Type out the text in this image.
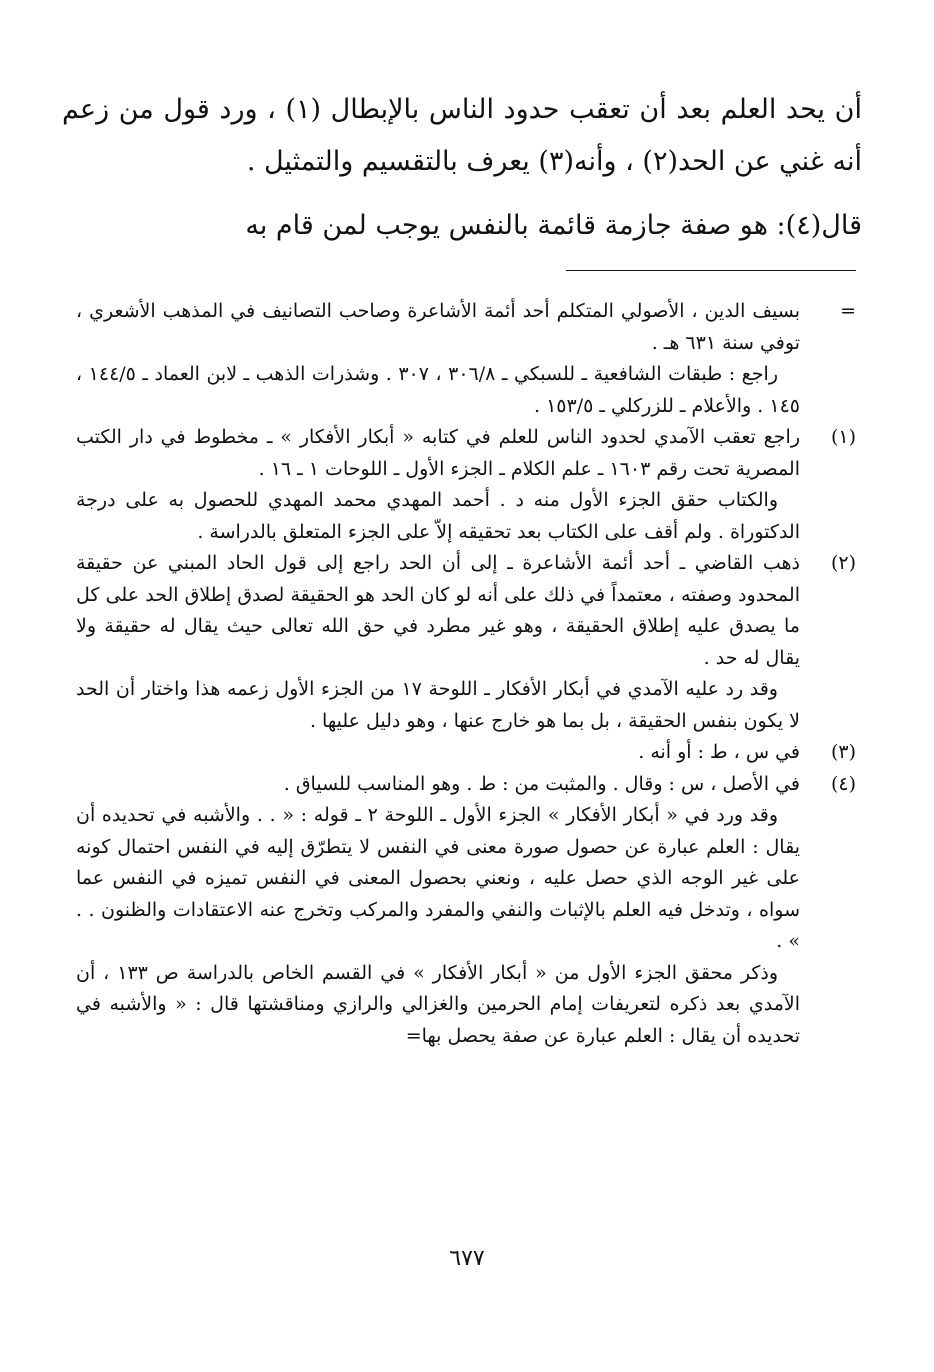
أن يحد العلم بعد أن تعقب حدود الناس بالإبطال (١) ، ورد قول من زعم أنه غني عن الحد(٢) ، وأنه(٣) يعرف بالتقسيم والتمثيل .

قال(٤): هو صفة جازمة قائمة بالنفس يوجب لمن قام به

=

بسيف الدين ، الأصولي المتكلم أحد أئمة الأشاعرة وصاحب التصانيف في المذهب الأشعري ، توفي سنة ٦٣١ هـ .

راجع : طبقات الشافعية ـ للسبكي ـ ٣٠٦/٨ ، ٣٠٧ . وشذرات الذهب ـ لابن العماد ـ ١٤٤/٥ ، ١٤٥ . والأعلام ـ للزركلي ـ ١٥٣/٥ .

(١)

راجع تعقب الآمدي لحدود الناس للعلم في كتابه « أبكار الأفكار » ـ مخطوط في دار الكتب المصرية تحت رقم ١٦٠٣ ـ علم الكلام ـ الجزء الأول ـ اللوحات ١ ـ ١٦ .

والكتاب حقق الجزء الأول منه د . أحمد المهدي محمد المهدي للحصول به على درجة الدكتوراة . ولم أقف على الكتاب بعد تحقيقه إلاّ على الجزء المتعلق بالدراسة .

(٢)

ذهب القاضي ـ أحد أئمة الأشاعرة ـ إلى أن الحد راجع إلى قول الحاد المبني عن حقيقة المحدود وصفته ، معتمداً في ذلك على أنه لو كان الحد هو الحقيقة لصدق إطلاق الحد على كل ما يصدق عليه إطلاق الحقيقة ، وهو غير مطرد في حق الله تعالى حيث يقال له حقيقة ولا يقال له حد .

وقد رد عليه الآمدي في أبكار الأفكار ـ اللوحة ١٧ من الجزء الأول زعمه هذا واختار أن الحد لا يكون بنفس الحقيقة ، بل بما هو خارج عنها ، وهو دليل عليها .

(٣)

في س ، ط : أو أنه .

(٤)

في الأصل ، س : وقال . والمثبت من : ط . وهو المناسب للسياق .

وقد ورد في « أبكار الأفكار » الجزء الأول ـ اللوحة ٢ ـ قوله : « . . والأشبه في تحديده أن يقال : العلم عبارة عن حصول صورة معنى في النفس لا يتطرّق إليه في النفس احتمال كونه على غير الوجه الذي حصل عليه ، ونعني بحصول المعنى في النفس تميزه في النفس عما سواه ، وتدخل فيه العلم بالإثبات والنفي والمفرد والمركب وتخرج عنه الاعتقادات والظنون . . » .

وذكر محقق الجزء الأول من « أبكار الأفكار » في القسم الخاص بالدراسة ص ١٣٣ ، أن الآمدي بعد ذكره لتعريفات إمام الحرمين والغزالي والرازي ومناقشتها قال : « والأشبه في تحديده أن يقال : العلم عبارة عن صفة يحصل بها=

٦٧٧
